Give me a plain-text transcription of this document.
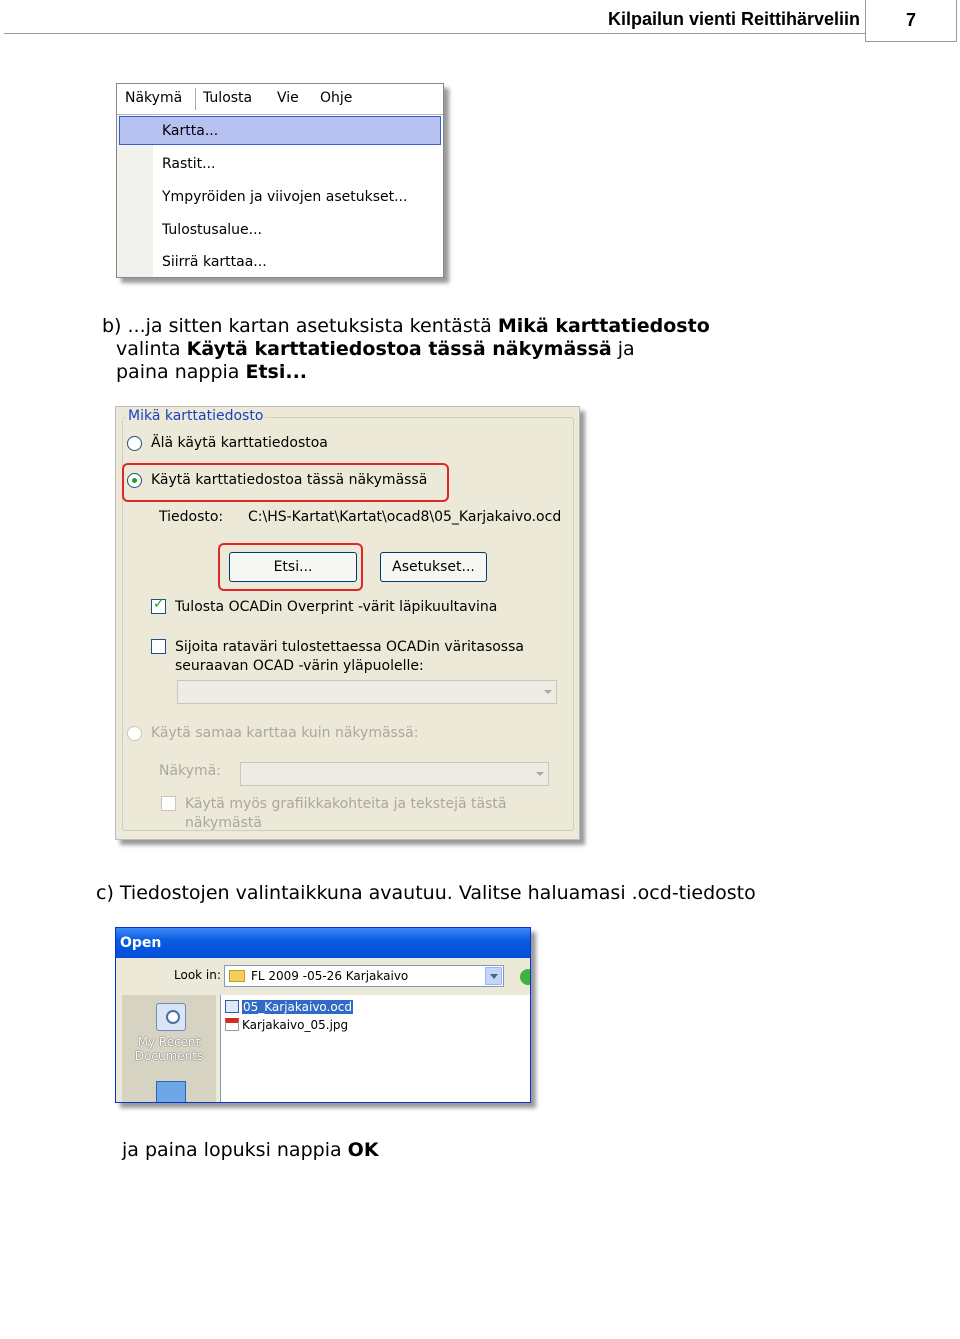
Kilpailun vienti Reittihärveliin	7
Näkymä Tulosta Vie Ohje
Kartta...
Rastit...
Ympyröiden ja viivojen asetukset...
Tulostusalue...
Siirrä karttaa...
b) ...ja sitten kartan asetuksista kentästä Mikä karttatiedosto
valinta Käytä karttatiedostoa tässä näkymässä ja
paina nappia Etsi...
Mikä karttatiedosto
Älä käytä karttatiedostoa
Käytä karttatiedostoa tässä näkymässä
Tiedosto: C:\HS-Kartat\Kartat\ocad8\05_Karjakaivo.ocd
Etsi...	Asetukset...
✓ Tulosta OCADin Overprint -värit läpikuultavina
Sijoita rataväri tulostettaessa OCADin väritasossa
seuraavan OCAD -värin yläpuolelle:
Käytä samaa karttaa kuin näkymässä:
Näkymä:
Käytä myös grafiikkakohteita ja tekstejä tästä
näkymästä
c) Tiedostojen valintaikkuna avautuu. Valitse haluamasi .ocd-tiedosto
Open
Look in:	FL 2009 -05-26 Karjakaivo
My Recent
Documents
05_Karjakaivo.ocd
Karjakaivo_05.jpg
ja paina lopuksi nappia OK
